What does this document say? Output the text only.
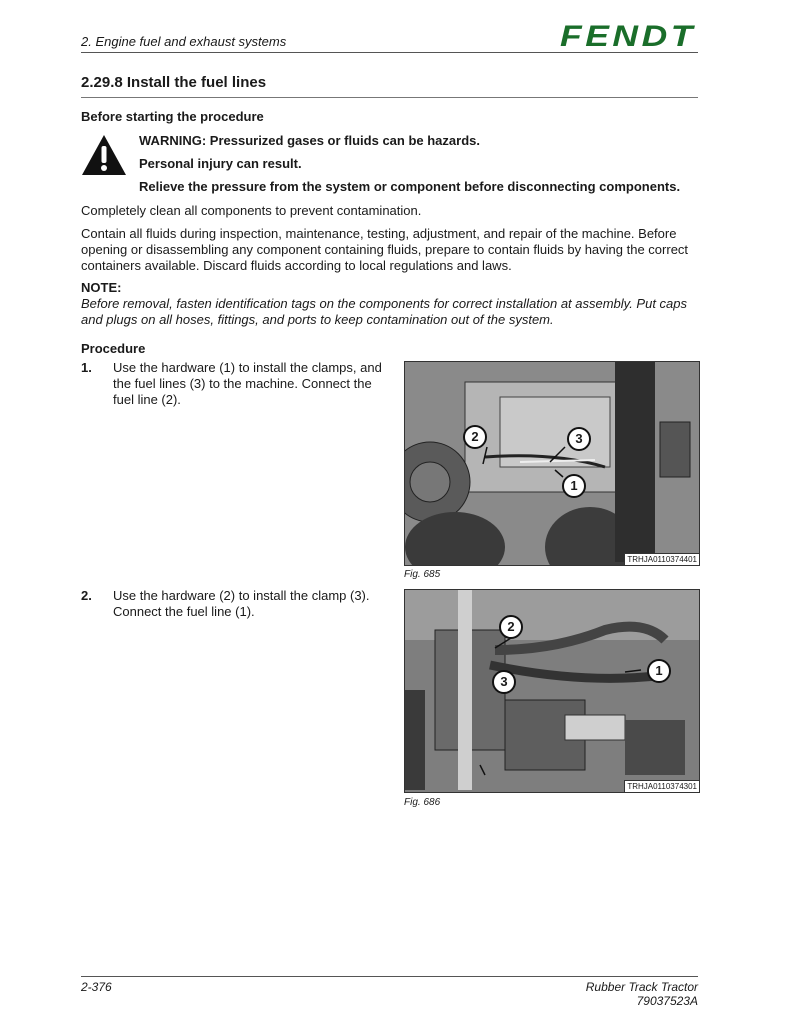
2. Engine fuel and exhaust systems	FENDT
2.29.8 Install the fuel lines
Before starting the procedure
WARNING: Pressurized gases or fluids can be hazards.
Personal injury can result.
Relieve the pressure from the system or component before disconnecting components.
Completely clean all components to prevent contamination.
Contain all fluids during inspection, maintenance, testing, adjustment, and repair of the machine. Before opening or disassembling any component containing fluids, prepare to contain fluids by having the correct containers available. Discard fluids according to local regulations and laws.
NOTE:
Before removal, fasten identification tags on the components for correct installation at assembly. Put caps and plugs on all hoses, fittings, and ports to keep contamination out of the system.
Procedure
1. Use the hardware (1) to install the clamps, and the fuel lines (3) to the machine. Connect the fuel line (2).
2	3
1
TRHJA0110374401
Fig. 685
2. Use the hardware (2) to install the clamp (3). Connect the fuel line (1).
2
1
3
TRHJA0110374301
Fig. 686
2-376	Rubber Track Tractor
79037523A
